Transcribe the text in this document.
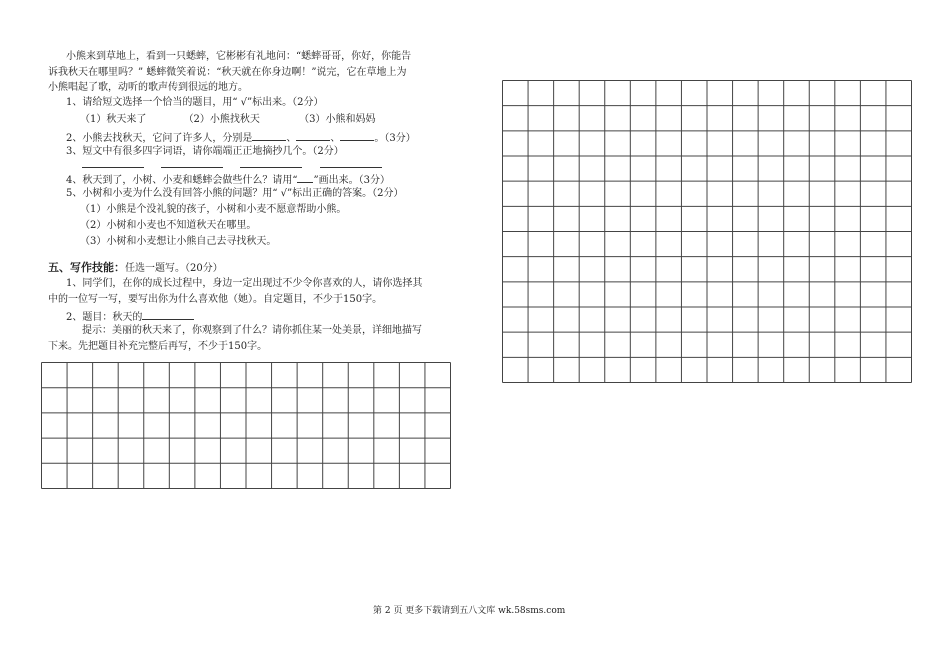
小熊来到草地上，看到一只蟋蟀，它彬彬有礼地问：“蟋蟀哥哥，你好，你能告
诉我秋天在哪里吗？” 蟋蟀微笑着说：“秋天就在你身边啊！”说完，它在草地上为
小熊唱起了歌，动听的歌声传到很远的地方。
1、请给短文选择一个恰当的题目，用“ √”标出来。（2分）
（1）秋天来了	（2）小熊找秋天	（3）小熊和妈妈
2、小熊去找秋天，它问了许多人，分别是	、	、	。（3分）
3、短文中有很多四字词语，请你端端正正地摘抄几个。（2分）

4、秋天到了，小树、小麦和蟋蟀会做些什么？请用“ ”画出来。（3分）
5、小树和小麦为什么没有回答小熊的问题？用“ √”标出正确的答案。（2分）
（1）小熊是个没礼貌的孩子，小树和小麦不愿意帮助小熊。
（2）小树和小麦也不知道秋天在哪里。
（3）小树和小麦想让小熊自己去寻找秋天。
五、写作技能：任选一题写。（20分）
1、同学们，在你的成长过程中，身边一定出现过不少令你喜欢的人，请你选择其
中的一位写一写，要写出你为什么喜欢他（她）。自定题目，不少于150字。
2、题目：秋天的
提示：美丽的秋天来了，你观察到了什么？请你抓住某一处美景，详细地描写
下来。先把题目补充完整后再写，不少于150字。
第 2 页 更多下载请到五八文库 wk.58sms.com
